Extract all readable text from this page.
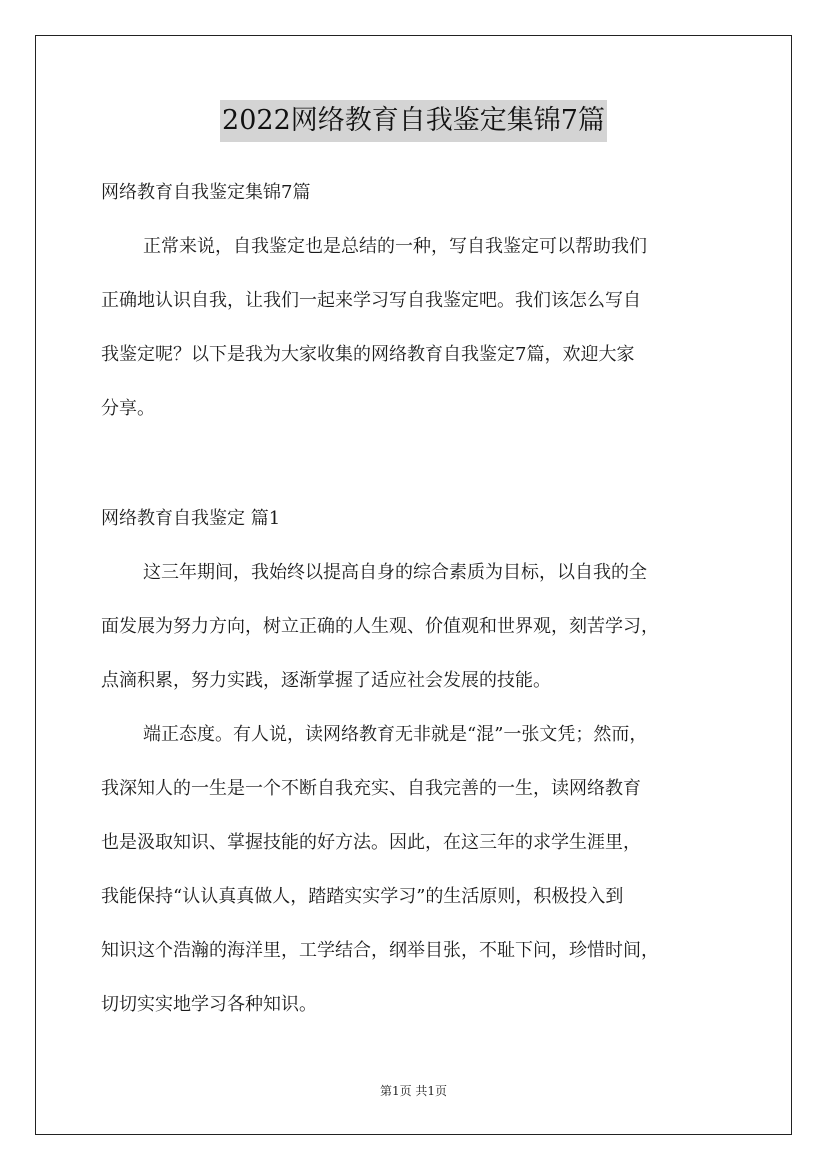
2022网络教育自我鉴定集锦7篇
网络教育自我鉴定集锦7篇
正常来说，自我鉴定也是总结的一种，写自我鉴定可以帮助我们
正确地认识自我，让我们一起来学习写自我鉴定吧。我们该怎么写自
我鉴定呢？以下是我为大家收集的网络教育自我鉴定7篇，欢迎大家
分享。
网络教育自我鉴定 篇1
这三年期间，我始终以提高自身的综合素质为目标，以自我的全
面发展为努力方向，树立正确的人生观、价值观和世界观，刻苦学习，
点滴积累，努力实践，逐渐掌握了适应社会发展的技能。
端正态度。有人说，读网络教育无非就是“混”一张文凭；然而，
我深知人的一生是一个不断自我充实、自我完善的一生，读网络教育
也是汲取知识、掌握技能的好方法。因此，在这三年的求学生涯里，
我能保持“认认真真做人，踏踏实实学习”的生活原则，积极投入到
知识这个浩瀚的海洋里，工学结合，纲举目张，不耻下问，珍惜时间，
切切实实地学习各种知识。
第1页 共1页
